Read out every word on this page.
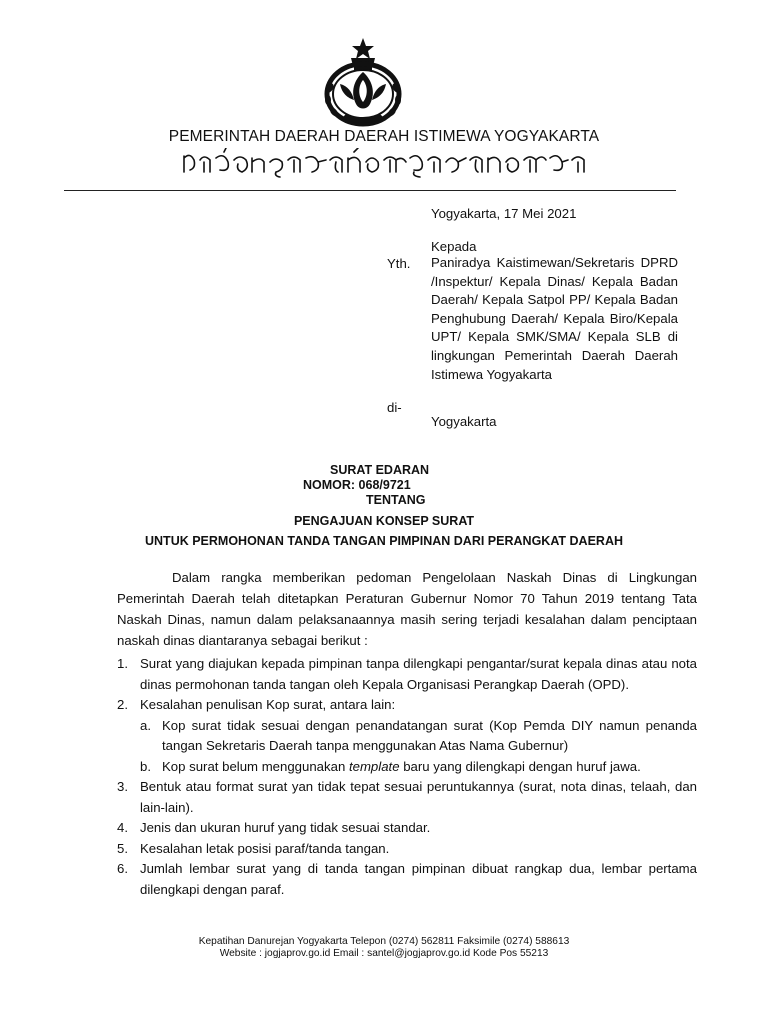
PEMERINTAH DAERAH DAERAH ISTIMEWA YOGYAKARTA
Yogyakarta, 17 Mei 2021
Kepada
Yth. Paniradya Kaistimewan/Sekretaris DPRD /Inspektur/ Kepala Dinas/ Kepala Badan Daerah/ Kepala Satpol PP/ Kepala Badan Penghubung Daerah/ Kepala Biro/Kepala UPT/ Kepala SMK/SMA/ Kepala SLB di lingkungan Pemerintah Daerah Daerah Istimewa Yogyakarta
di-
Yogyakarta
SURAT EDARAN
NOMOR: 068/9721
TENTANG
PENGAJUAN KONSEP SURAT
UNTUK PERMOHONAN TANDA TANGAN PIMPINAN DARI PERANGKAT DAERAH

Dalam rangka memberikan pedoman Pengelolaan Naskah Dinas di Lingkungan Pemerintah Daerah telah ditetapkan Peraturan Gubernur Nomor 70 Tahun 2019 tentang Tata Naskah Dinas, namun dalam pelaksanaannya masih sering terjadi kesalahan dalam penciptaan naskah dinas diantaranya sebagai berikut :

1. Surat yang diajukan kepada pimpinan tanpa dilengkapi pengantar/surat kepala dinas atau nota dinas permohonan tanda tangan oleh Kepala Organisasi Perangkap Daerah (OPD).
2. Kesalahan penulisan Kop surat, antara lain:
a. Kop surat tidak sesuai dengan penandatangan surat (Kop Pemda DIY namun penanda tangan Sekretaris Daerah tanpa menggunakan Atas Nama Gubernur)
b. Kop surat belum menggunakan template baru yang dilengkapi dengan huruf jawa.
3. Bentuk atau format surat yan tidak tepat sesuai peruntukannya (surat, nota dinas, telaah, dan lain-lain).
4. Jenis dan ukuran huruf yang tidak sesuai standar.
5. Kesalahan letak posisi paraf/tanda tangan.
6. Jumlah lembar surat yang di tanda tangan pimpinan dibuat rangkap dua, lembar pertama dilengkapi dengan paraf.
Kepatihan Danurejan Yogyakarta Telepon (0274) 562811 Faksimile (0274) 588613
Website : jogjaprov.go.id Email : santel@jogjaprov.go.id Kode Pos 55213
